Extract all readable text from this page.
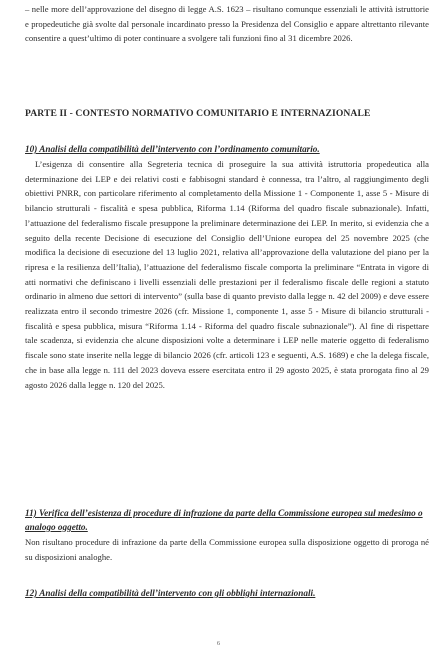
– nelle more dell’approvazione del disegno di legge A.S. 1623 – risultano comunque essenziali le attività istruttorie e propedeutiche già svolte dal personale incardinato presso la Presidenza del Consiglio e appare altrettanto rilevante consentire a quest’ultimo di poter continuare a svolgere tali funzioni fino al 31 dicembre 2026.

PARTE II - CONTESTO NORMATIVO COMUNITARIO E INTERNAZIONALE
10) Analisi della compatibilità dell’intervento con l’ordinamento comunitario.

L’esigenza di consentire alla Segreteria tecnica di proseguire la sua attività istruttoria propedeutica alla determinazione dei LEP e dei relativi costi e fabbisogni standard è connessa, tra l’altro, al raggiungimento degli obiettivi PNRR, con particolare riferimento al completamento della Missione 1 - Componente 1, asse 5 - Misure di bilancio strutturali - fiscalità e spesa pubblica, Riforma 1.14 (Riforma del quadro fiscale subnazionale). Infatti, l’attuazione del federalismo fiscale presuppone la preliminare determinazione dei LEP. In merito, si evidenzia che a seguito della recente Decisione di esecuzione del Consiglio dell’Unione europea del 25 novembre 2025 (che modifica la decisione di esecuzione del 13 luglio 2021, relativa all’approvazione della valutazione del piano per la ripresa e la resilienza dell’Italia), l’attuazione del federalismo fiscale comporta la preliminare “Entrata in vigore di atti normativi che definiscano i livelli essenziali delle prestazioni per il federalismo fiscale delle regioni a statuto ordinario in almeno due settori di intervento” (sulla base di quanto previsto dalla legge n. 42 del 2009) e deve essere realizzata entro il secondo trimestre 2026 (cfr. Missione 1, componente 1, asse 5 - Misure di bilancio strutturali - fiscalità e spesa pubblica, misura “Riforma 1.14 - Riforma del quadro fiscale subnazionale”). Al fine di rispettare tale scadenza, si evidenzia che alcune disposizioni volte a determinare i LEP nelle materie oggetto di federalismo fiscale sono state inserite nella legge di bilancio 2026 (cfr. articoli 123 e seguenti, A.S. 1689) e che la delega fiscale, che in base alla legge n. 111 del 2023 doveva essere esercitata entro il 29 agosto 2025, è stata prorogata fino al 29 agosto 2026 dalla legge n. 120 del 2025.

11) Verifica dell’esistenza di procedure di infrazione da parte della Commissione europea sul medesimo o analogo oggetto.

Non risultano procedure di infrazione da parte della Commissione europea sulla disposizione oggetto di proroga né su disposizioni analoghe.

12) Analisi della compatibilità dell’intervento con gli obblighi internazionali.
6
